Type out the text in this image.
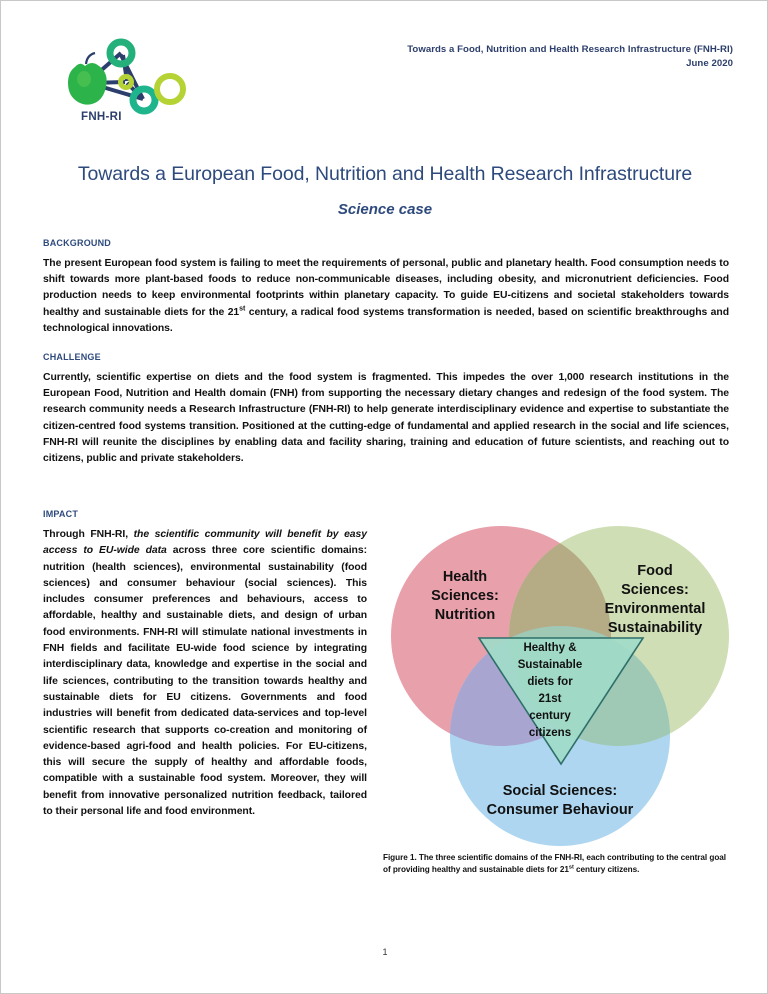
FNH-RI
Towards a Food, Nutrition and Health Research Infrastructure (FNH-RI)
June 2020
Towards a European Food, Nutrition and Health Research Infrastructure
Science case
background

The present European food system is failing to meet the requirements of personal, public and planetary health. Food consumption needs to shift towards more plant-based foods to reduce non-communicable diseases, including obesity, and micronutrient deficiencies. Food production needs to keep environmental footprints within planetary capacity. To guide EU-citizens and societal stakeholders towards healthy and sustainable diets for the 21st century, a radical food systems transformation is needed, based on scientific breakthroughs and technological innovations.

challenge

Currently, scientific expertise on diets and the food system is fragmented. This impedes the over 1,000 research institutions in the European Food, Nutrition and Health domain (FNH) from supporting the necessary dietary changes and redesign of the food system. The research community needs a Research Infrastructure (FNH-RI) to help generate interdisciplinary evidence and expertise to substantiate the citizen-centred food systems transition. Positioned at the cutting-edge of fundamental and applied research in the social and life sciences, FNH-RI will reunite the disciplines by enabling data and facility sharing, training and education of future scientists, and reaching out to citizens, public and private stakeholders.

impact

Through FNH-RI, the scientific community will benefit by easy access to EU-wide data across three core scientific domains: nutrition (health sciences), environmental sustainability (food sciences) and consumer behaviour (social sciences). This includes consumer preferences and behaviours, access to affordable, healthy and sustainable diets, and design of urban food environments. FNH-RI will stimulate national investments in FNH fields and facilitate EU-wide food science by integrating interdisciplinary data, knowledge and expertise in the social and life sciences, contributing to the transition towards healthy and sustainable diets for EU citizens. Governments and food industries will benefit from dedicated data-services and top-level scientific research that supports co-creation and monitoring of evidence-based agri-food and health policies. For EU-citizens, this will secure the supply of healthy and affordable foods, compatible with a sustainable food system. Moreover, they will benefit from innovative personalized nutrition feedback, tailored to their personal life and food environment.

Health
Sciences:
Nutrition
Food
Sciences:
Environmental
Sustainability
Social Sciences:
Consumer Behaviour
Healthy &
Sustainable
diets for
21st
century
citizens
Figure 1. The three scientific domains of the FNH-RI, each contributing to the central goal of providing healthy and sustainable diets for 21st century citizens.
1
